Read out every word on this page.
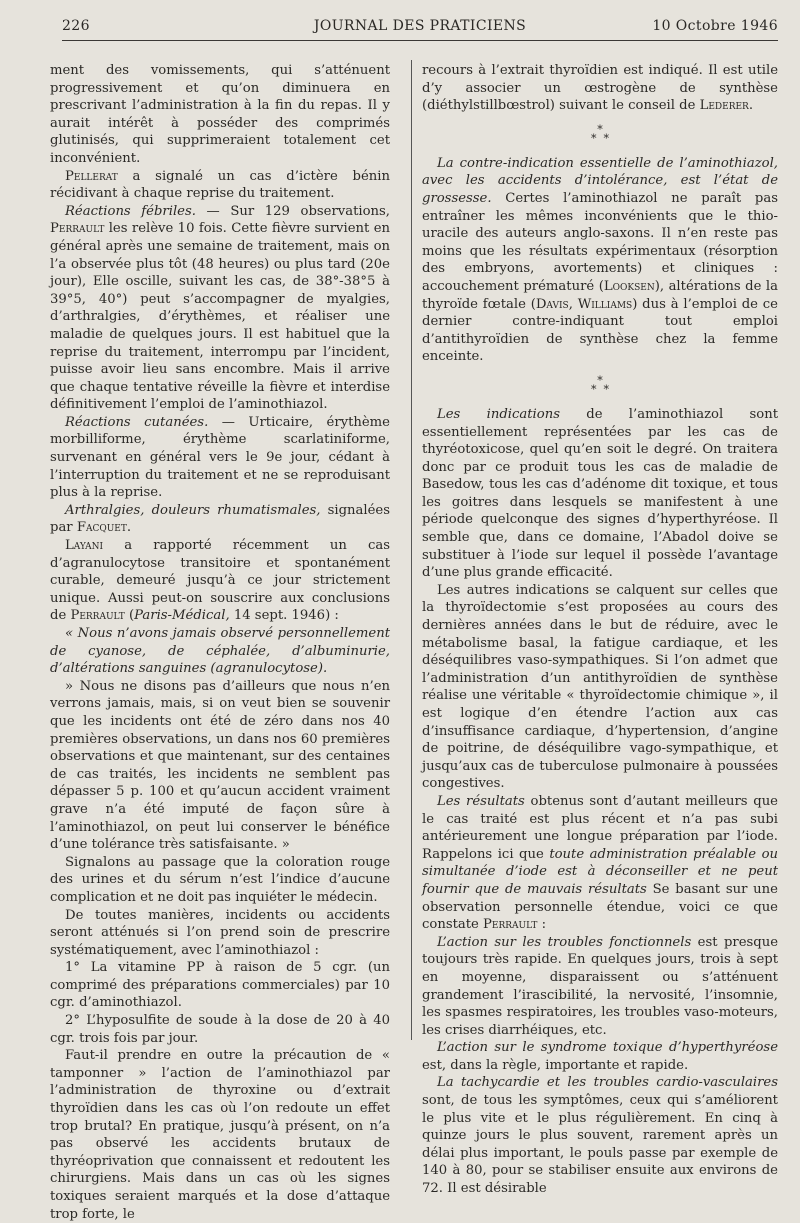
226	JOURNAL DES PRATICIENS	10 Octobre 1946

ment des vomissements, qui s’atténuent progressivement et qu’on diminuera en prescrivant l’administration à la fin du repas. Il y aurait intérêt à posséder des comprimés glutinisés, qui supprimeraient totalement cet inconvénient.

Pellerat a signalé un cas d’ictère bénin récidivant à chaque reprise du traitement.

Réactions fébriles. — Sur 129 observations, Perrault les relève 10 fois. Cette fièvre survient en général après une semaine de traitement, mais on l’a observée plus tôt (48 heures) ou plus tard (20e jour), Elle oscille, suivant les cas, de 38°-38°5 à 39°5, 40°) peut s’accompagner de myalgies, d’arthralgies, d’érythèmes, et réaliser une maladie de quelques jours. Il est habituel que la reprise du traitement, interrompu par l’incident, puisse avoir lieu sans encombre. Mais il arrive que chaque tentative réveille la fièvre et interdise définitivement l’emploi de l’aminothiazol.

Réactions cutanées. — Urticaire, érythème morbilliforme, érythème scarlatiniforme, survenant en général vers le 9e jour, cédant à l’interruption du traitement et ne se reproduisant plus à la reprise.

Arthralgies, douleurs rhumatismales, signalées par Facquet.

Layani a rapporté récemment un cas d’agranulocytose transitoire et spontanément curable, demeuré jusqu’à ce jour strictement unique. Aussi peut-on souscrire aux conclusions de Perrault (Paris-Médical, 14 sept. 1946) :

« Nous n’avons jamais observé personnellement de cyanose, de céphalée, d’albuminurie, d’altérations sanguines (agranulocytose).

» Nous ne disons pas d’ailleurs que nous n’en verrons jamais, mais, si on veut bien se souvenir que les incidents ont été de zéro dans nos 40 premières observations, un dans nos 60 premières observations et que maintenant, sur des centaines de cas traités, les incidents ne semblent pas dépasser 5 p. 100 et qu’aucun accident vraiment grave n’a été imputé de façon sûre à l’aminothiazol, on peut lui conserver le bénéfice d’une tolérance très satisfaisante. »

Signalons au passage que la coloration rouge des urines et du sérum n’est l’indice d’aucune complication et ne doit pas inquiéter le médecin.

De toutes manières, incidents ou accidents seront atténués si l’on prend soin de prescrire systématiquement, avec l’aminothiazol :

1° La vitamine PP à raison de 5 cgr. (un comprimé des préparations commerciales) par 10 cgr. d’aminothiazol.

2° L’hyposulfite de soude à la dose de 20 à 40 cgr. trois fois par jour.

Faut-il prendre en outre la précaution de « tamponner » l’action de l’aminothiazol par l’administration de thyroxine ou d’extrait thyroïdien dans les cas où l’on redoute un effet trop brutal? En pratique, jusqu’à présent, on n’a pas observé les accidents brutaux de thyréoprivation que connaissent et redoutent les chirurgiens. Mais dans un cas où les signes toxiques seraient marqués et la dose d’attaque trop forte, le

recours à l’extrait thyroïdien est indiqué. Il est utile d’y associer un œstrogène de synthèse (diéthylstillbœstrol) suivant le conseil de Lederer.

*
* *

La contre-indication essentielle de l’aminothiazol, avec les accidents d’intolérance, est l’état de grossesse. Certes l’aminothiazol ne paraît pas entraîner les mêmes inconvénients que le thio-uracile des auteurs anglo-saxons. Il n’en reste pas moins que les résultats expérimentaux (résorption des embryons, avortements) et cliniques : accouchement prématuré (Looksen), altérations de la thyroïde fœtale (Davis, Williams) dus à l’emploi de ce dernier contre-indiquant tout emploi d’antithyroïdien de synthèse chez la femme enceinte.

*
* *

Les indications de l’aminothiazol sont essentiellement représentées par les cas de thyréotoxicose, quel qu’en soit le degré. On traitera donc par ce produit tous les cas de maladie de Basedow, tous les cas d’adénome dit toxique, et tous les goitres dans lesquels se manifestent à une période quelconque des signes d’hyperthyréose. Il semble que, dans ce domaine, l’Abadol doive se substituer à l’iode sur lequel il possède l’avantage d’une plus grande efficacité.

Les autres indications se calquent sur celles que la thyroïdectomie s’est proposées au cours des dernières années dans le but de réduire, avec le métabolisme basal, la fatigue cardiaque, et les déséquilibres vaso-sympathiques. Si l’on admet que l’administration d’un antithyroïdien de synthèse réalise une véritable « thyroïdectomie chimique », il est logique d’en étendre l’action aux cas d’insuffisance cardiaque, d’hypertension, d’angine de poitrine, de déséquilibre vago-sympathique, et jusqu’aux cas de tuberculose pulmonaire à poussées congestives.

Les résultats obtenus sont d’autant meilleurs que le cas traité est plus récent et n’a pas subi antérieurement une longue préparation par l’iode. Rappelons ici que toute administration préalable ou simultanée d’iode est à déconseiller et ne peut fournir que de mauvais résultats Se basant sur une observation personnelle étendue, voici ce que constate Perrault :

L’action sur les troubles fonctionnels est presque toujours très rapide. En quelques jours, trois à sept en moyenne, disparaissent ou s’atténuent grandement l’irascibilité, la nervosité, l’insomnie, les spasmes respiratoires, les troubles vaso-moteurs, les crises diarrhéiques, etc.

L’action sur le syndrome toxique d’hyperthyréose est, dans la règle, importante et rapide.

La tachycardie et les troubles cardio-vasculaires sont, de tous les symptômes, ceux qui s’améliorent le plus vite et le plus régulièrement. En cinq à quinze jours le plus souvent, rarement après un délai plus important, le pouls passe par exemple de 140 à 80, pour se stabiliser ensuite aux environs de 72. Il est désirable
